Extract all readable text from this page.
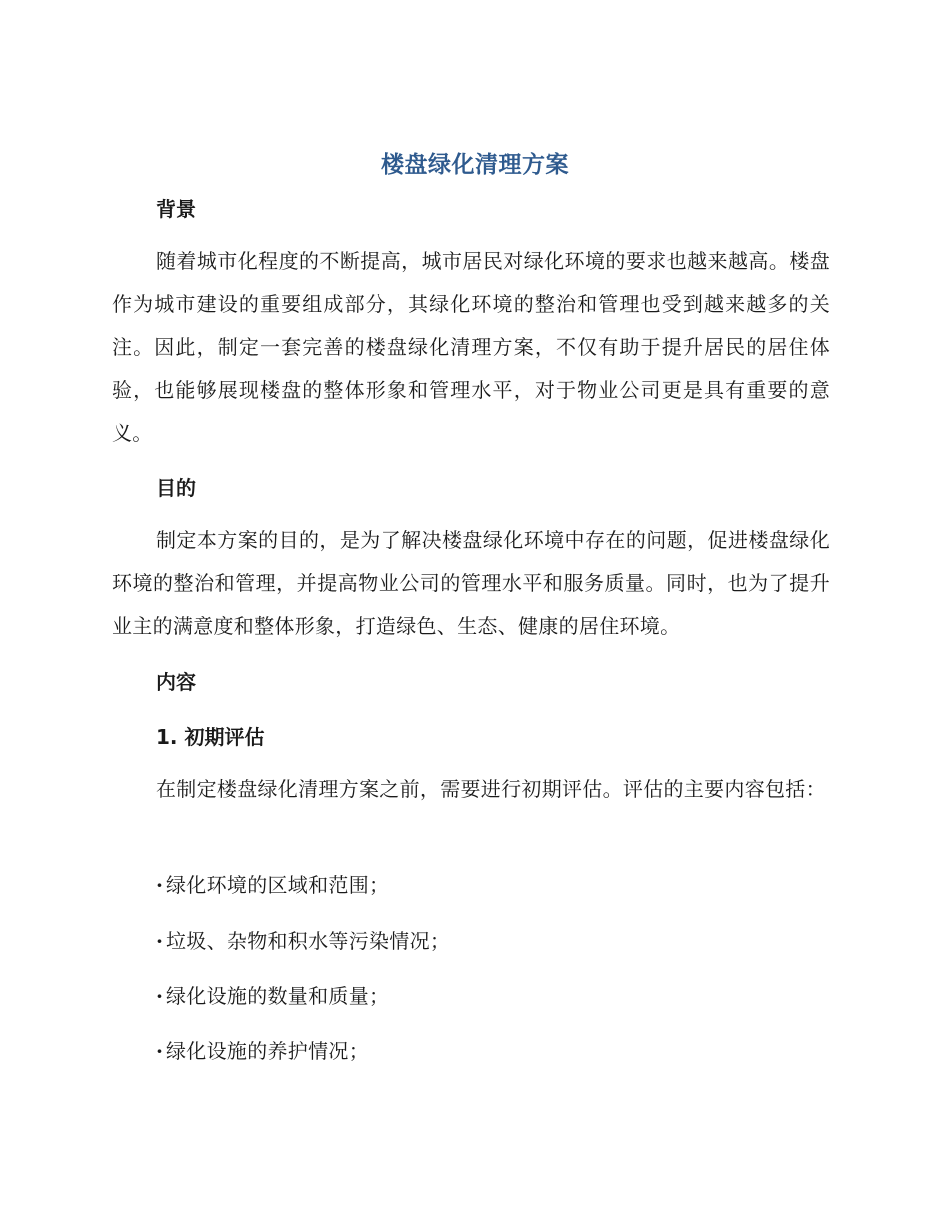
楼盘绿化清理方案
背景
随着城市化程度的不断提高，城市居民对绿化环境的要求也越来越高。楼盘作为城市建设的重要组成部分，其绿化环境的整治和管理也受到越来越多的关注。因此，制定一套完善的楼盘绿化清理方案，不仅有助于提升居民的居住体验，也能够展现楼盘的整体形象和管理水平，对于物业公司更是具有重要的意义。
目的
制定本方案的目的，是为了解决楼盘绿化环境中存在的问题，促进楼盘绿化环境的整治和管理，并提高物业公司的管理水平和服务质量。同时，也为了提升业主的满意度和整体形象，打造绿色、生态、健康的居住环境。
内容
1. 初期评估
在制定楼盘绿化清理方案之前，需要进行初期评估。评估的主要内容包括：
· 绿化环境的区域和范围；
· 垃圾、杂物和积水等污染情况；
· 绿化设施的数量和质量；
· 绿化设施的养护情况；
